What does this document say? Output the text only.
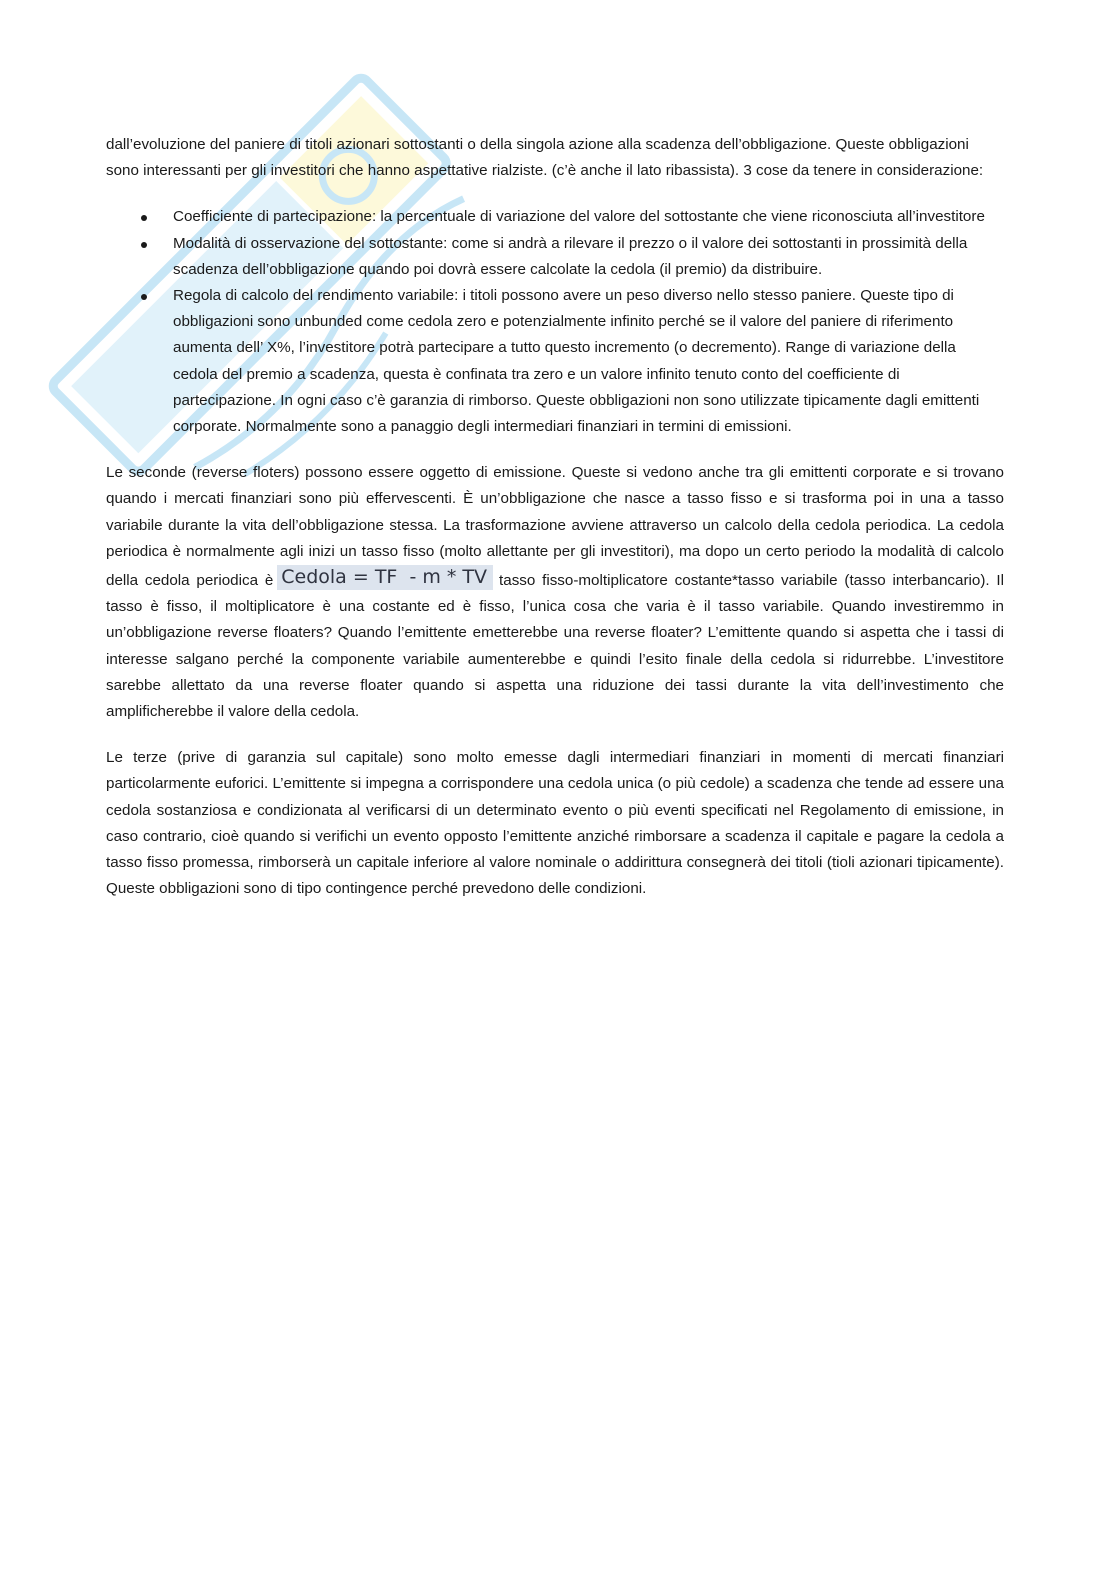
dall’evoluzione del paniere di titoli azionari sottostanti o della singola azione alla scadenza dell’obbligazione. Queste obbligazioni sono interessanti per gli investitori che hanno aspettative rialziste. (c’è anche il lato ribassista). 3 cose da tenere in considerazione:

Coefficiente di partecipazione: la percentuale di variazione del valore del sottostante che viene riconosciuta all’investitore
Modalità di osservazione del sottostante: come si andrà a rilevare il prezzo o il valore dei sottostanti in prossimità della scadenza dell’obbligazione quando poi dovrà essere calcolate la cedola (il premio) da distribuire.
Regola di calcolo del rendimento variabile: i titoli possono avere un peso diverso nello stesso paniere. Queste tipo di obbligazioni sono unbunded come cedola zero e potenzialmente infinito perché se il valore del paniere di riferimento aumenta dell’ X%, l’investitore potrà partecipare a tutto questo incremento (o decremento). Range di variazione della cedola del premio a scadenza, questa è confinata tra zero e un valore infinito tenuto conto del coefficiente di partecipazione. In ogni caso c’è garanzia di rimborso. Queste obbligazioni non sono utilizzate tipicamente dagli emittenti corporate. Normalmente sono a panaggio degli intermediari finanziari in termini di emissioni.

Le seconde (reverse floters) possono essere oggetto di emissione. Queste si vedono anche tra gli emittenti corporate e si trovano quando i mercati finanziari sono più effervescenti. È un’obbligazione che nasce a tasso fisso e si trasforma poi in una a tasso variabile durante la vita dell’obbligazione stessa. La trasformazione avviene attraverso un calcolo della cedola periodica. La cedola periodica è normalmente agli inizi un tasso fisso (molto allettante per gli investitori), ma dopo un certo periodo la modalità di calcolo della cedola periodica è Cedola = TF  - m * TV tasso fisso-moltiplicatore costante*tasso variabile (tasso interbancario). Il tasso è fisso, il moltiplicatore è una costante ed è fisso, l’unica cosa che varia è il tasso variabile. Quando investiremmo in un’obbligazione reverse floaters? Quando l’emittente emetterebbe una reverse floater? L’emittente quando si aspetta che i tassi di interesse salgano perché la componente variabile aumenterebbe e quindi l’esito finale della cedola si ridurrebbe. L’investitore sarebbe allettato da una reverse floater quando si aspetta una riduzione dei tassi durante la vita dell’investimento che amplificherebbe il valore della cedola.

Le terze (prive di garanzia sul capitale) sono molto emesse dagli intermediari finanziari in momenti di mercati finanziari particolarmente euforici. L’emittente si impegna a corrispondere una cedola unica (o più cedole) a scadenza che tende ad essere una cedola sostanziosa e condizionata al verificarsi di un determinato evento o più eventi specificati nel Regolamento di emissione, in caso contrario, cioè quando si verifichi un evento opposto l’emittente anziché rimborsare a scadenza il capitale e pagare la cedola a tasso fisso promessa, rimborserà un capitale inferiore al valore nominale o addirittura consegnerà dei titoli (tioli azionari tipicamente). Queste obbligazioni sono di tipo contingence perché prevedono delle condizioni.
